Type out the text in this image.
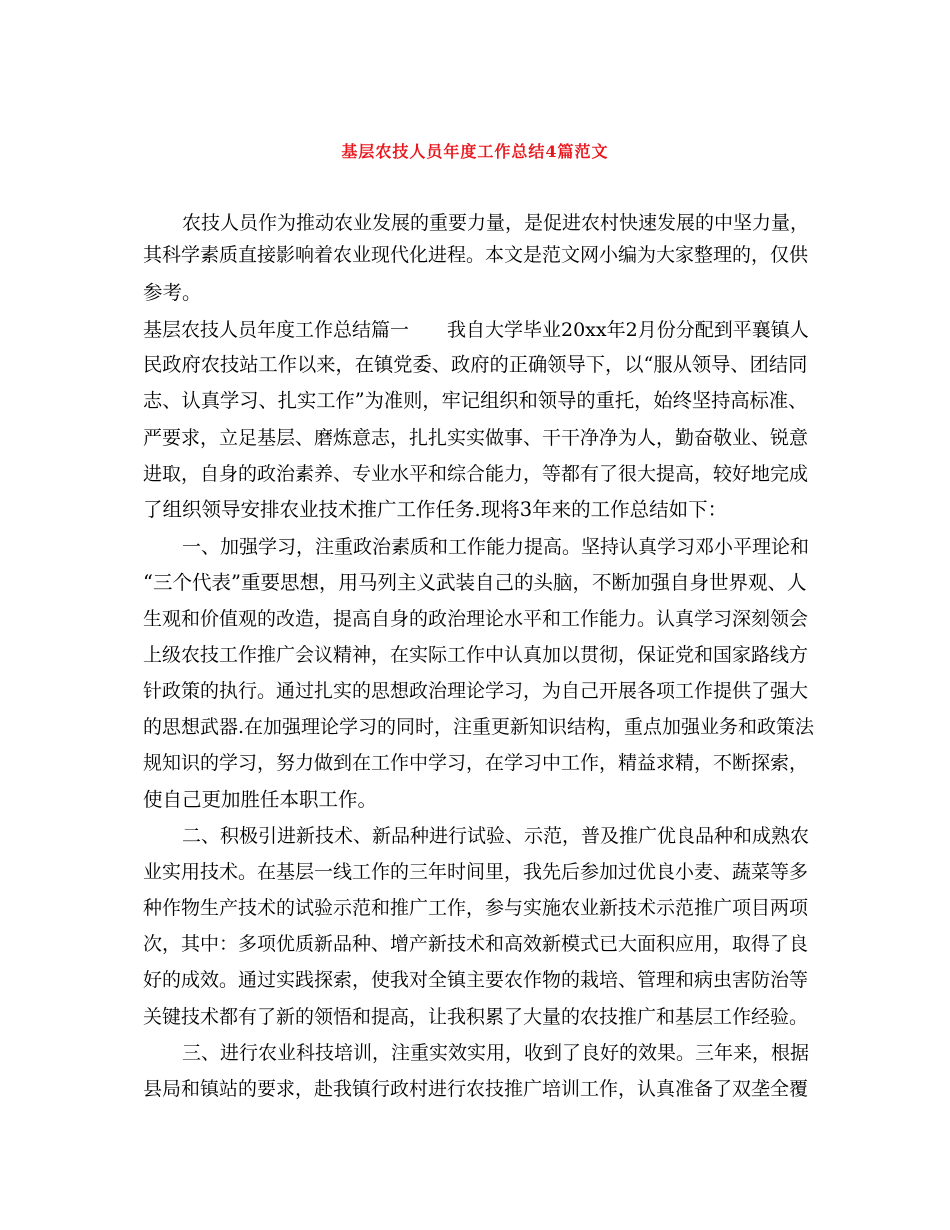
基层农技人员年度工作总结4篇范文

农技人员作为推动农业发展的重要力量，是促进农村快速发展的中坚力量，

其科学素质直接影响着农业现代化进程。本文是范文网小编为大家整理的，仅供

参考。

基层农技人员年度工作总结篇一　　我自大学毕业20xx年2月份分配到平襄镇人

民政府农技站工作以来，在镇党委、政府的正确领导下，以“服从领导、团结同

志、认真学习、扎实工作”为准则，牢记组织和领导的重托，始终坚持高标准、

严要求，立足基层、磨炼意志，扎扎实实做事、干干净净为人，勤奋敬业、锐意

进取，自身的政治素养、专业水平和综合能力，等都有了很大提高，较好地完成

了组织领导安排农业技术推广工作任务.现将3年来的工作总结如下：

一、加强学习，注重政治素质和工作能力提高。坚持认真学习邓小平理论和

“三个代表”重要思想，用马列主义武装自己的头脑，不断加强自身世界观、人

生观和价值观的改造，提高自身的政治理论水平和工作能力。认真学习深刻领会

上级农技工作推广会议精神，在实际工作中认真加以贯彻，保证党和国家路线方

针政策的执行。通过扎实的思想政治理论学习，为自己开展各项工作提供了强大

的思想武器.在加强理论学习的同时，注重更新知识结构，重点加强业务和政策法

规知识的学习，努力做到在工作中学习，在学习中工作，精益求精，不断探索，

使自己更加胜任本职工作。

二、积极引进新技术、新品种进行试验、示范，普及推广优良品种和成熟农

业实用技术。在基层一线工作的三年时间里，我先后参加过优良小麦、蔬菜等多

种作物生产技术的试验示范和推广工作，参与实施农业新技术示范推广项目两项

次，其中：多项优质新品种、增产新技术和高效新模式已大面积应用，取得了良

好的成效。通过实践探索，使我对全镇主要农作物的栽培、管理和病虫害防治等

关键技术都有了新的领悟和提高，让我积累了大量的农技推广和基层工作经验。

三、进行农业科技培训，注重实效实用，收到了良好的效果。三年来，根据

县局和镇站的要求，赴我镇行政村进行农技推广培训工作，认真准备了双垄全覆
